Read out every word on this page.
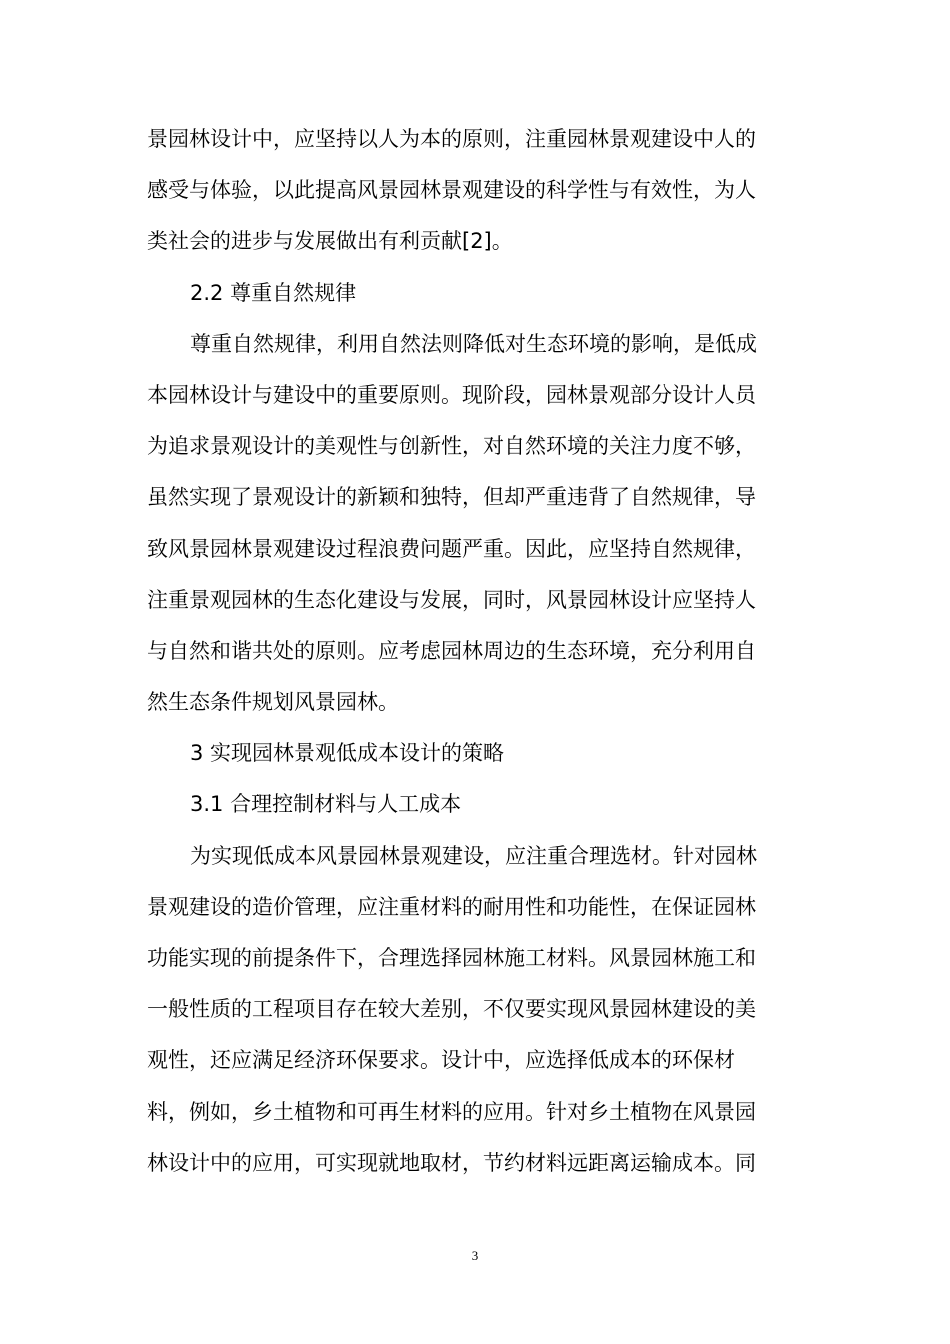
景园林设计中，应坚持以人为本的原则，注重园林景观建设中人的
感受与体验，以此提高风景园林景观建设的科学性与有效性，为人
类社会的进步与发展做出有利贡献[2]。
2.2 尊重自然规律
尊重自然规律，利用自然法则降低对生态环境的影响，是低成
本园林设计与建设中的重要原则。现阶段，园林景观部分设计人员
为追求景观设计的美观性与创新性，对自然环境的关注力度不够，
虽然实现了景观设计的新颖和独特，但却严重违背了自然规律，导
致风景园林景观建设过程浪费问题严重。因此，应坚持自然规律，
注重景观园林的生态化建设与发展，同时，风景园林设计应坚持人
与自然和谐共处的原则。应考虑园林周边的生态环境，充分利用自
然生态条件规划风景园林。
3 实现园林景观低成本设计的策略
3.1 合理控制材料与人工成本
为实现低成本风景园林景观建设，应注重合理选材。针对园林
景观建设的造价管理，应注重材料的耐用性和功能性，在保证园林
功能实现的前提条件下，合理选择园林施工材料。风景园林施工和
一般性质的工程项目存在较大差别，不仅要实现风景园林建设的美
观性，还应满足经济环保要求。设计中，应选择低成本的环保材
料，例如，乡土植物和可再生材料的应用。针对乡土植物在风景园
林设计中的应用，可实现就地取材，节约材料远距离运输成本。同
3
